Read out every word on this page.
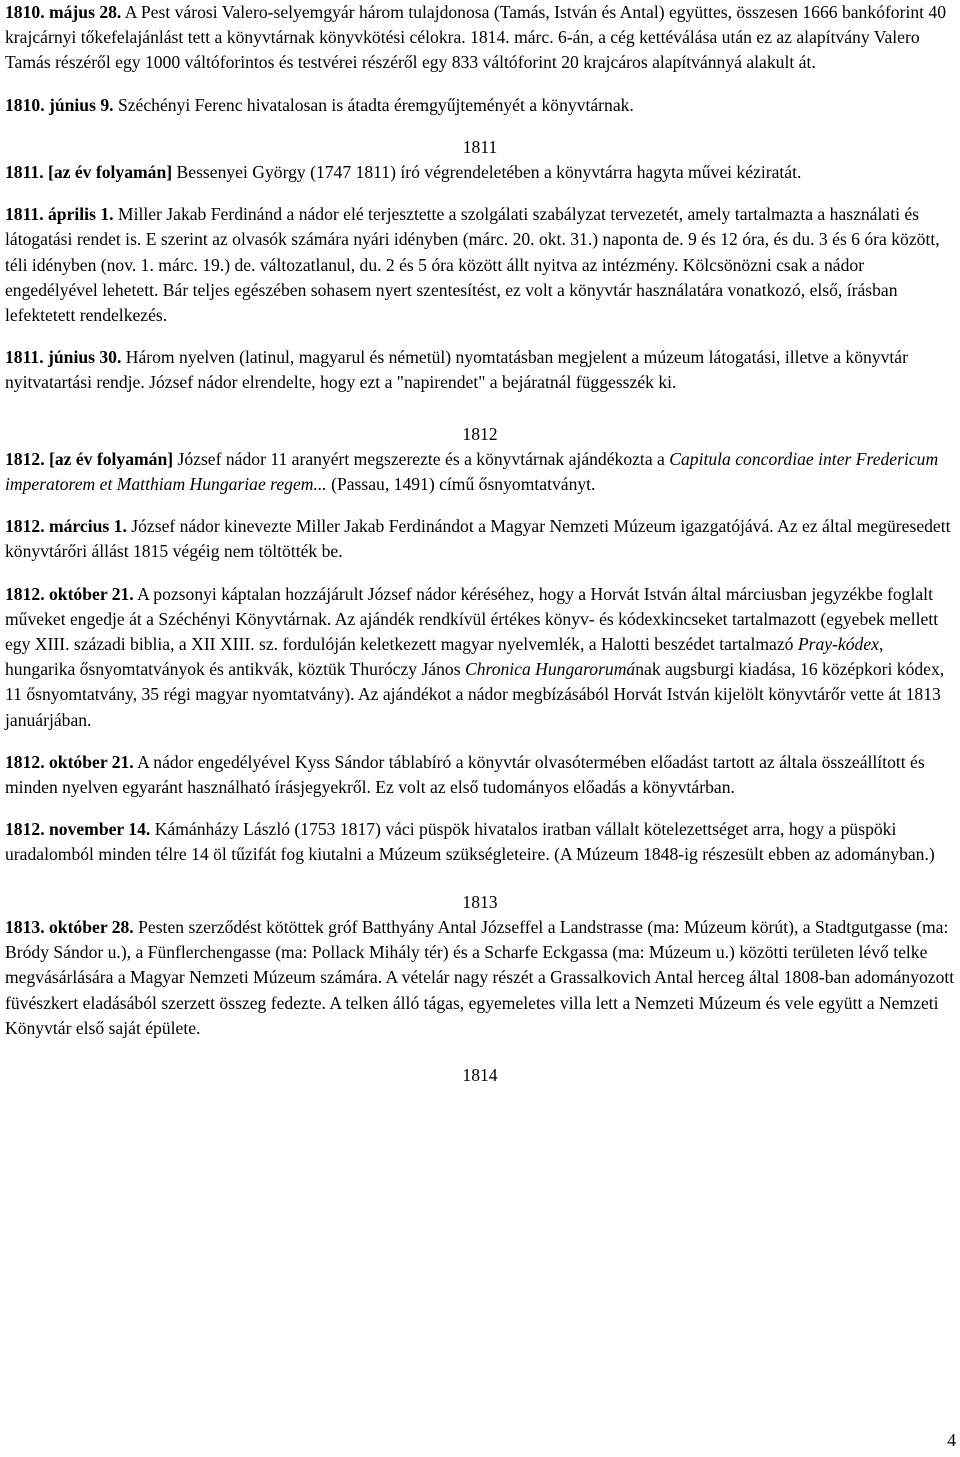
1810. május 28. A Pest városi Valero-selyemgyár három tulajdonosa (Tamás, István és Antal) együttes, összesen 1666 bankóforint 40 krajcárnyi tőkefelajánlást tett a könyvtárnak könyvkötési célokra. 1814. márc. 6-án, a cég kettéválása után ez az alapítvány Valero Tamás részéről egy 1000 váltóforintos és testvérei részéről egy 833 váltóforint 20 krajcáros alapítvánnyá alakult át.

1810. június 9. Széchényi Ferenc hivatalosan is átadta éremgyűjteményét a könyvtárnak.

1811

1811. [az év folyamán] Bessenyei György (1747 1811) író végrendeletében a könyvtárra hagyta művei kéziratát.

1811. április 1. Miller Jakab Ferdinánd a nádor elé terjesztette a szolgálati szabályzat tervezetét, amely tartalmazta a használati és látogatási rendet is. E szerint az olvasók számára nyári idényben (márc. 20. okt. 31.) naponta de. 9 és 12 óra, és du. 3 és 6 óra között, téli idényben (nov. 1. márc. 19.) de. változatlanul, du. 2 és 5 óra között állt nyitva az intézmény. Kölcsönözni csak a nádor engedélyével lehetett. Bár teljes egészében sohasem nyert szentesítést, ez volt a könyvtár használatára vonatkozó, első, írásban lefektetett rendelkezés.

1811. június 30. Három nyelven (latinul, magyarul és németül) nyomtatásban megjelent a múzeum látogatási, illetve a könyvtár nyitvatartási rendje. József nádor elrendelte, hogy ezt a "napirendet" a bejáratnál függesszék ki.

1812

1812. [az év folyamán] József nádor 11 aranyért megszerezte és a könyvtárnak ajándékozta a Capitula concordiae inter Fredericum imperatorem et Matthiam Hungariae regem... (Passau, 1491) című ősnyomtatványt.

1812. március 1. József nádor kinevezte Miller Jakab Ferdinándot a Magyar Nemzeti Múzeum igazgatójává. Az ez által megüresedett könyvtárőri állást 1815 végéig nem töltötték be.

1812. október 21. A pozsonyi káptalan hozzájárult József nádor kéréséhez, hogy a Horvát István által márciusban jegyzékbe foglalt műveket engedje át a Széchényi Könyvtárnak. Az ajándék rendkívül értékes könyv- és kódexkincseket tartalmazott (egyebek mellett egy XIII. századi biblia, a XII XIII. sz. fordulóján keletkezett magyar nyelvemlék, a Halotti beszédet tartalmazó Pray-kódex, hungarika ősnyomtatványok és antikvák, köztük Thuróczy János Chronica Hungarorumának augsburgi kiadása, 16 középkori kódex, 11 ősnyomtatvány, 35 régi magyar nyomtatvány). Az ajándékot a nádor megbízásából Horvát István kijelölt könyvtárőr vette át 1813 januárjában.

1812. október 21. A nádor engedélyével Kyss Sándor táblabíró a könyvtár olvasótermében előadást tartott az általa összeállított és minden nyelven egyaránt használható írásjegyekről. Ez volt az első tudományos előadás a könyvtárban.

1812. november 14. Kámánházy László (1753 1817) váci püspök hivatalos iratban vállalt kötelezettséget arra, hogy a püspöki uradalomból minden télre 14 öl tűzifát fog kiutalni a Múzeum szükségleteire. (A Múzeum 1848-ig részesült ebben az adományban.)

1813

1813. október 28. Pesten szerződést kötöttek gróf Batthyány Antal Józseffel a Landstrasse (ma: Múzeum körút), a Stadtgutgasse (ma: Bródy Sándor u.), a Fünflerchengasse (ma: Pollack Mihály tér) és a Scharfe Eckgassa (ma: Múzeum u.) közötti területen lévő telke megvásárlására a Magyar Nemzeti Múzeum számára. A vételár nagy részét a Grassalkovich Antal herceg által 1808-ban adományozott füvészkert eladásából szerzett összeg fedezte. A telken álló tágas, egyemeletes villa lett a Nemzeti Múzeum és vele együtt a Nemzeti Könyvtár első saját épülete.

1814

4
